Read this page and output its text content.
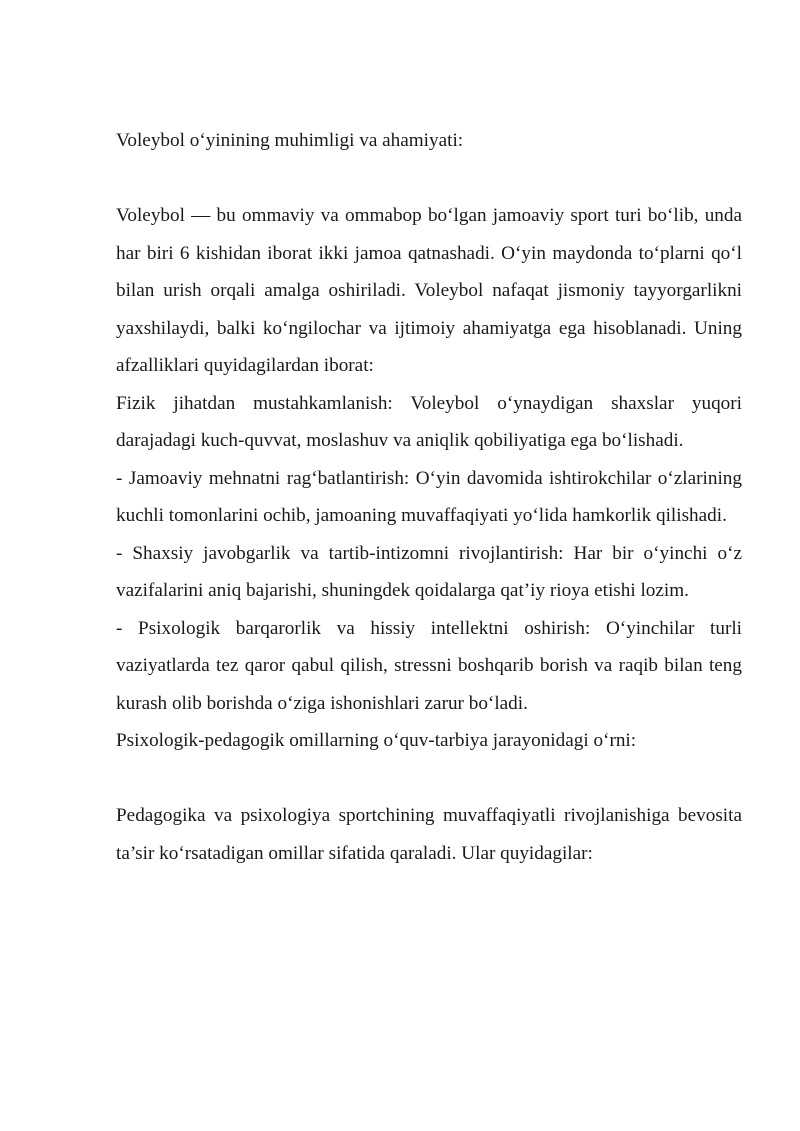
Voleybol o‘yinining muhimligi va ahamiyati:

Voleybol — bu ommaviy va ommabop bo‘lgan jamoaviy sport turi bo‘lib, unda har biri 6 kishidan iborat ikki jamoa qatnashadi. O‘yin maydonda to‘plarni qo‘l bilan urish orqali amalga oshiriladi. Voleybol nafaqat jismoniy tayyorgarlikni yaxshilaydi, balki ko‘ngilochar va ijtimoiy ahamiyatga ega hisoblanadi. Uning afzalliklari quyidagilardan iborat:

Fizik jihatdan mustahkamlanish: Voleybol o‘ynaydigan shaxslar yuqori darajadagi kuch-quvvat, moslashuv va aniqlik qobiliyatiga ega bo‘lishadi.

- Jamoaviy mehnatni rag‘batlantirish: O‘yin davomida ishtirokchilar o‘zlarining kuchli tomonlarini ochib, jamoaning muvaffaqiyati yo‘lida hamkorlik qilishadi.

- Shaxsiy javobgarlik va tartib-intizomni rivojlantirish: Har bir o‘yinchi o‘z vazifalarini aniq bajarishi, shuningdek qoidalarga qat’iy rioya etishi lozim.

- Psixologik barqarorlik va hissiy intellektni oshirish: O‘yinchilar turli vaziyatlarda tez qaror qabul qilish, stressni boshqarib borish va raqib bilan teng kurash olib borishda o‘ziga ishonishlari zarur bo‘ladi.

Psixologik-pedagogik omillarning o‘quv-tarbiya jarayonidagi o‘rni:

Pedagogika va psixologiya sportchining muvaffaqiyatli rivojlanishiga bevosita ta’sir ko‘rsatadigan omillar sifatida qaraladi. Ular quyidagilar:
